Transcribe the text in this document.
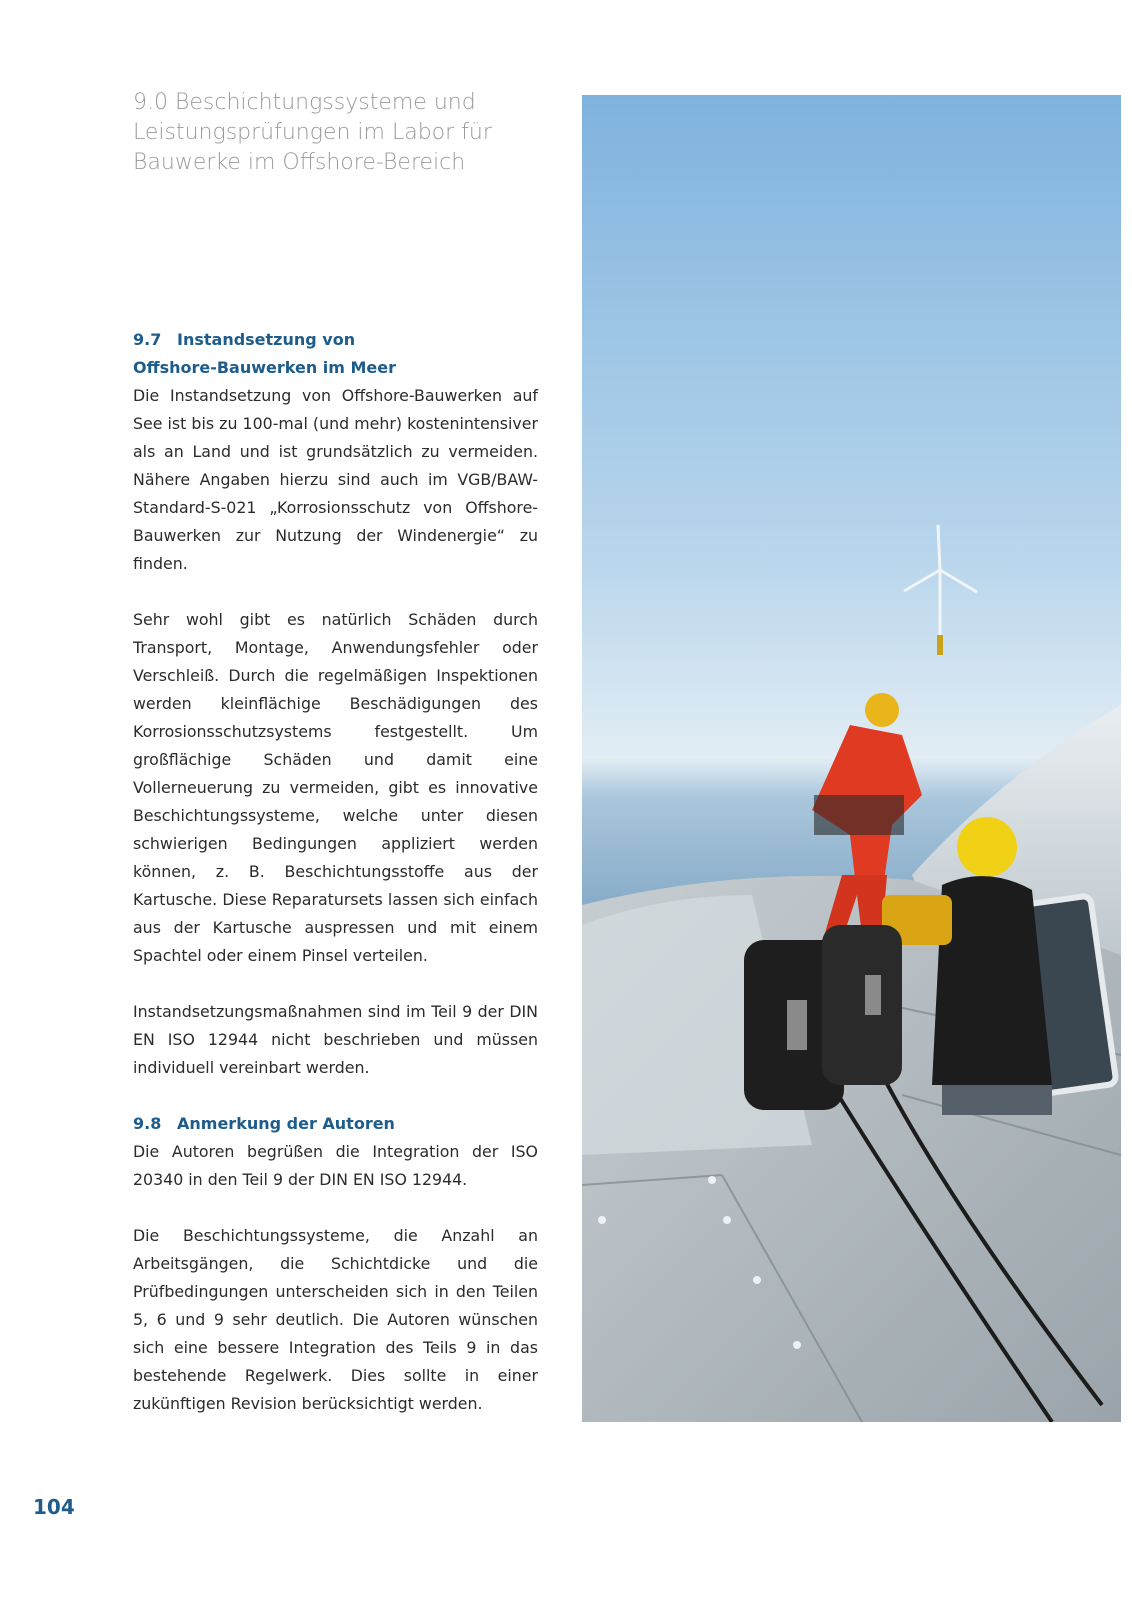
9.0 Beschichtungssysteme und
Leistungsprüfungen im Labor für
Bauwerke im Offshore-Bereich
9.7 Instandsetzung von
Offshore-Bauwerken im Meer

Die Instandsetzung von Offshore-Bauwerken auf See ist bis zu 100-mal (und mehr) kostenintensiver als an Land und ist grundsätzlich zu vermeiden. Nähere Angaben hierzu sind auch im VGB/BAW-Standard-S-021 „Korrosionsschutz von Offshore-Bauwerken zur Nutzung der Windenergie“ zu finden.

Sehr wohl gibt es natürlich Schäden durch Transport, Montage, Anwendungsfehler oder Verschleiß. Durch die regelmäßigen Inspektionen werden kleinflächige Beschädigungen des Korrosionsschutzsystems festgestellt. Um großflächige Schäden und damit eine Vollerneuerung zu vermeiden, gibt es innovative Beschichtungssysteme, welche unter diesen schwierigen Bedingungen appliziert werden können, z. B. Beschichtungsstoffe aus der Kartusche. Diese Reparatursets lassen sich einfach aus der Kartusche auspressen und mit einem Spachtel oder einem Pinsel verteilen.

Instandsetzungsmaßnahmen sind im Teil 9 der DIN EN ISO 12944 nicht beschrieben und müssen individuell vereinbart werden.

9.8 Anmerkung der Autoren

Die Autoren begrüßen die Integration der ISO 20340 in den Teil 9 der DIN EN ISO 12944.

Die Beschichtungssysteme, die Anzahl an Arbeitsgängen, die Schichtdicke und die Prüfbedingungen unterscheiden sich in den Teilen 5, 6 und 9 sehr deutlich. Die Autoren wünschen sich eine bessere Integration des Teils 9 in das bestehende Regelwerk. Dies sollte in einer zukünftigen Revision berücksichtigt werden.

104
